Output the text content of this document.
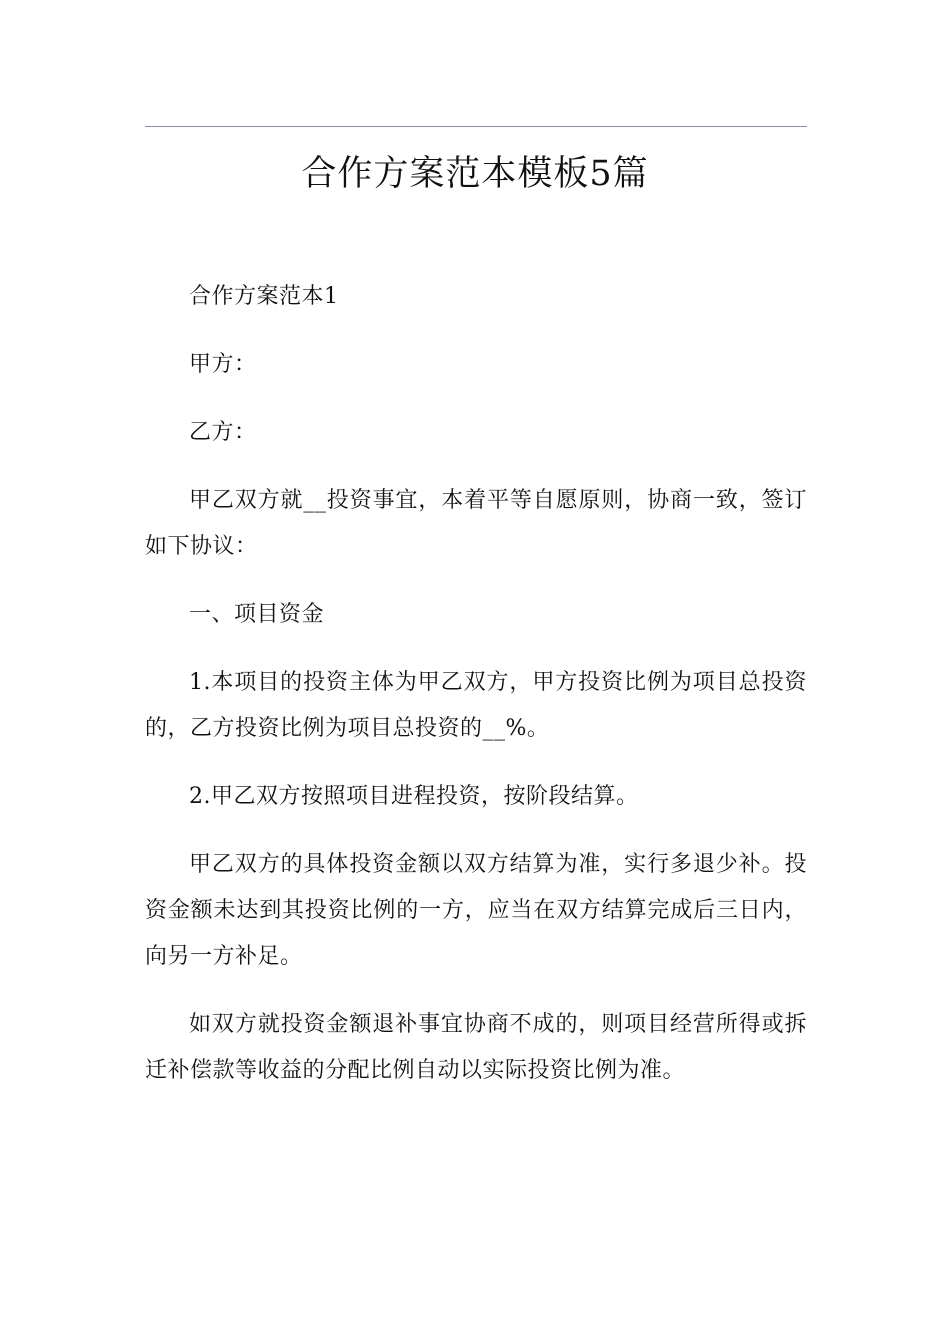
合作方案范本模板5篇

合作方案范本1

甲方：

乙方：

甲乙双方就__投资事宜，本着平等自愿原则，协商一致，签订如下协议：

一、项目资金

1.本项目的投资主体为甲乙双方，甲方投资比例为项目总投资的，乙方投资比例为项目总投资的__%。

2.甲乙双方按照项目进程投资，按阶段结算。

甲乙双方的具体投资金额以双方结算为准，实行多退少补。投资金额未达到其投资比例的一方，应当在双方结算完成后三日内，向另一方补足。

如双方就投资金额退补事宜协商不成的，则项目经营所得或拆迁补偿款等收益的分配比例自动以实际投资比例为准。
